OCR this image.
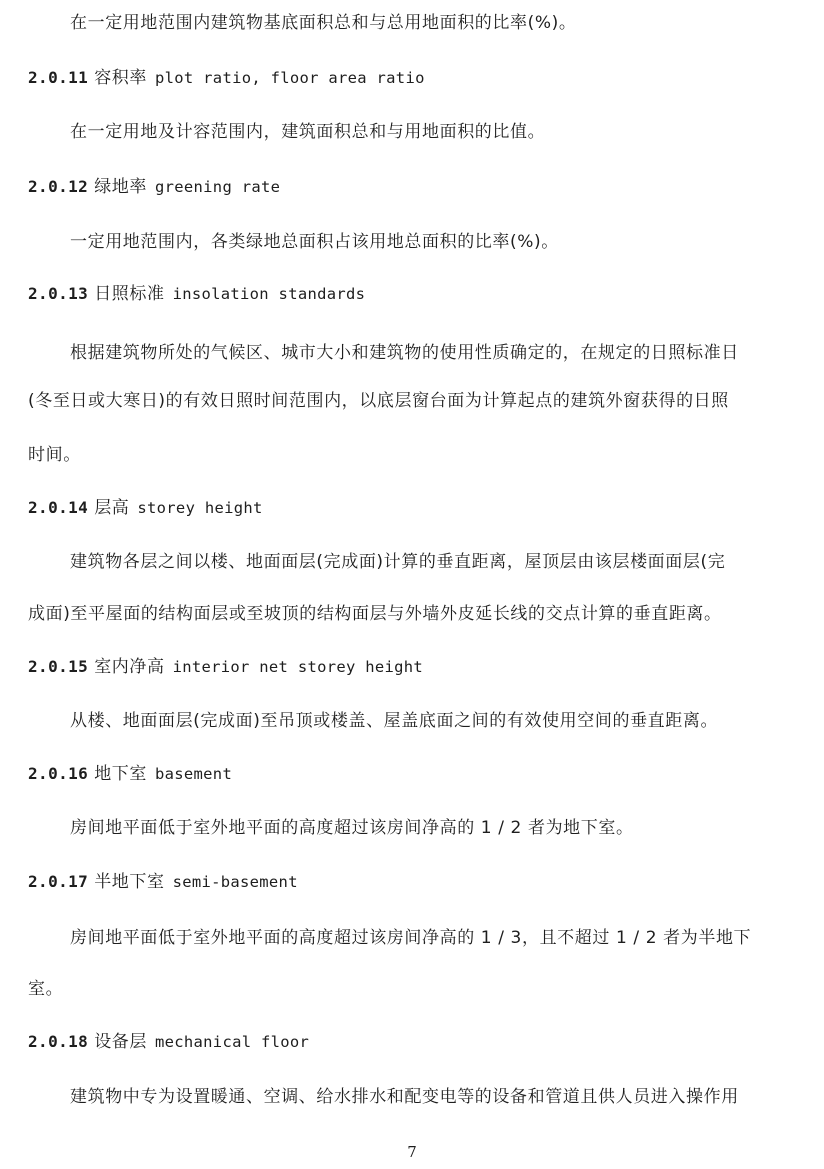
在一定用地范围内建筑物基底面积总和与总用地面积的比率(%)。
2.0.11 容积率 plot ratio, floor area ratio
在一定用地及计容范围内，建筑面积总和与用地面积的比值。
2.0.12 绿地率 greening rate
一定用地范围内，各类绿地总面积占该用地总面积的比率(%)。
2.0.13 日照标准 insolation standards
根据建筑物所处的气候区、城市大小和建筑物的使用性质确定的，在规定的日照标准日
(冬至日或大寒日)的有效日照时间范围内，以底层窗台面为计算起点的建筑外窗获得的日照
时间。
2.0.14 层高 storey height
建筑物各层之间以楼、地面面层(完成面)计算的垂直距离，屋顶层由该层楼面面层(完
成面)至平屋面的结构面层或至坡顶的结构面层与外墙外皮延长线的交点计算的垂直距离。
2.0.15 室内净高 interior net storey height
从楼、地面面层(完成面)至吊顶或楼盖、屋盖底面之间的有效使用空间的垂直距离。
2.0.16 地下室 basement
房间地平面低于室外地平面的高度超过该房间净高的 1 / 2 者为地下室。
2.0.17 半地下室 semi-basement
房间地平面低于室外地平面的高度超过该房间净高的 1 / 3，且不超过 1 / 2 者为半地下
室。
2.0.18 设备层 mechanical floor
建筑物中专为设置暖通、空调、给水排水和配变电等的设备和管道且供人员进入操作用
7
